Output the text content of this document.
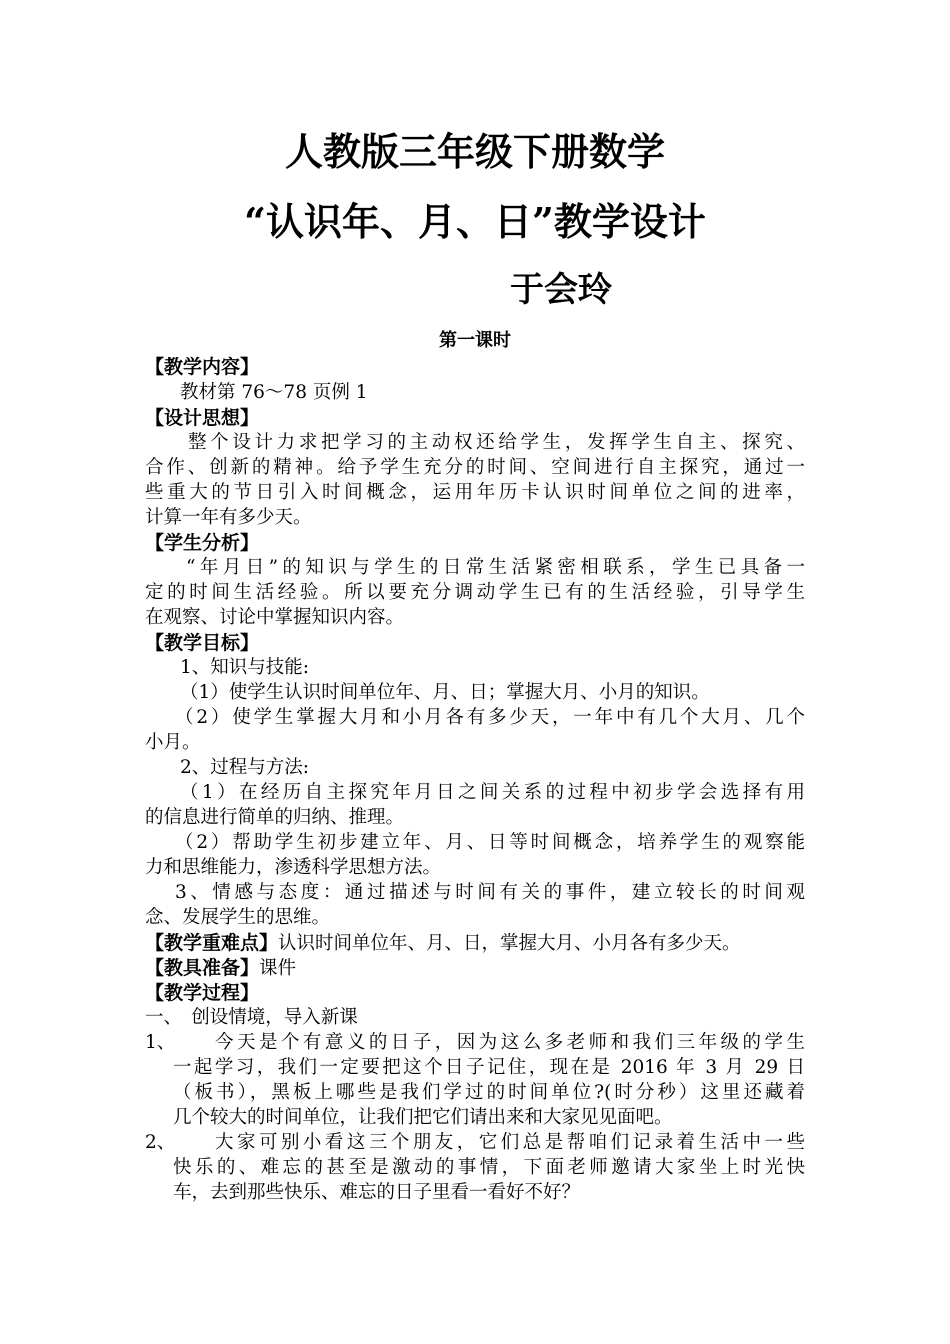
人教版三年级下册数学
“认识年、月、日”教学设计
于会玲
第一课时
【教学内容】
教材第 76～78 页例 1
【设计思想】
整个设计力求把学习的主动权还给学生，发挥学生自主、探究、
合作、创新的精神。给予学生充分的时间、空间进行自主探究，通过一
些重大的节日引入时间概念，运用年历卡认识时间单位之间的进率，
计算一年有多少天。
【学生分析】
“年月日”的知识与学生的日常生活紧密相联系，学生已具备一
定的时间生活经验。所以要充分调动学生已有的生活经验，引导学生
在观察、讨论中掌握知识内容。
【教学目标】
1、知识与技能:
（1）使学生认识时间单位年、月、日；掌握大月、小月的知识。
（2）使学生掌握大月和小月各有多少天，一年中有几个大月、几个
小月。
2、过程与方法:
（1）在经历自主探究年月日之间关系的过程中初步学会选择有用
的信息进行简单的归纳、推理。
（2）帮助学生初步建立年、月、日等时间概念，培养学生的观察能
力和思维能力，渗透科学思想方法。
3、情感与态度：通过描述与时间有关的事件，建立较长的时间观
念、发展学生的思维。
【教学重难点】认识时间单位年、月、日，掌握大月、小月各有多少天。
【教具准备】课件
【教学过程】
一、　创设情境，导入新课
1、 今天是个有意义的日子，因为这么多老师和我们三年级的学生
一起学习，我们一定要把这个日子记住，现在是 2016 年 3 月 29 日
（板书），黑板上哪些是我们学过的时间单位?(时分秒）这里还藏着
几个较大的时间单位，让我们把它们请出来和大家见见面吧。
2、 大家可别小看这三个朋友，它们总是帮咱们记录着生活中一些
快乐的、难忘的甚至是激动的事情，下面老师邀请大家坐上时光快
车，去到那些快乐、难忘的日子里看一看好不好？
